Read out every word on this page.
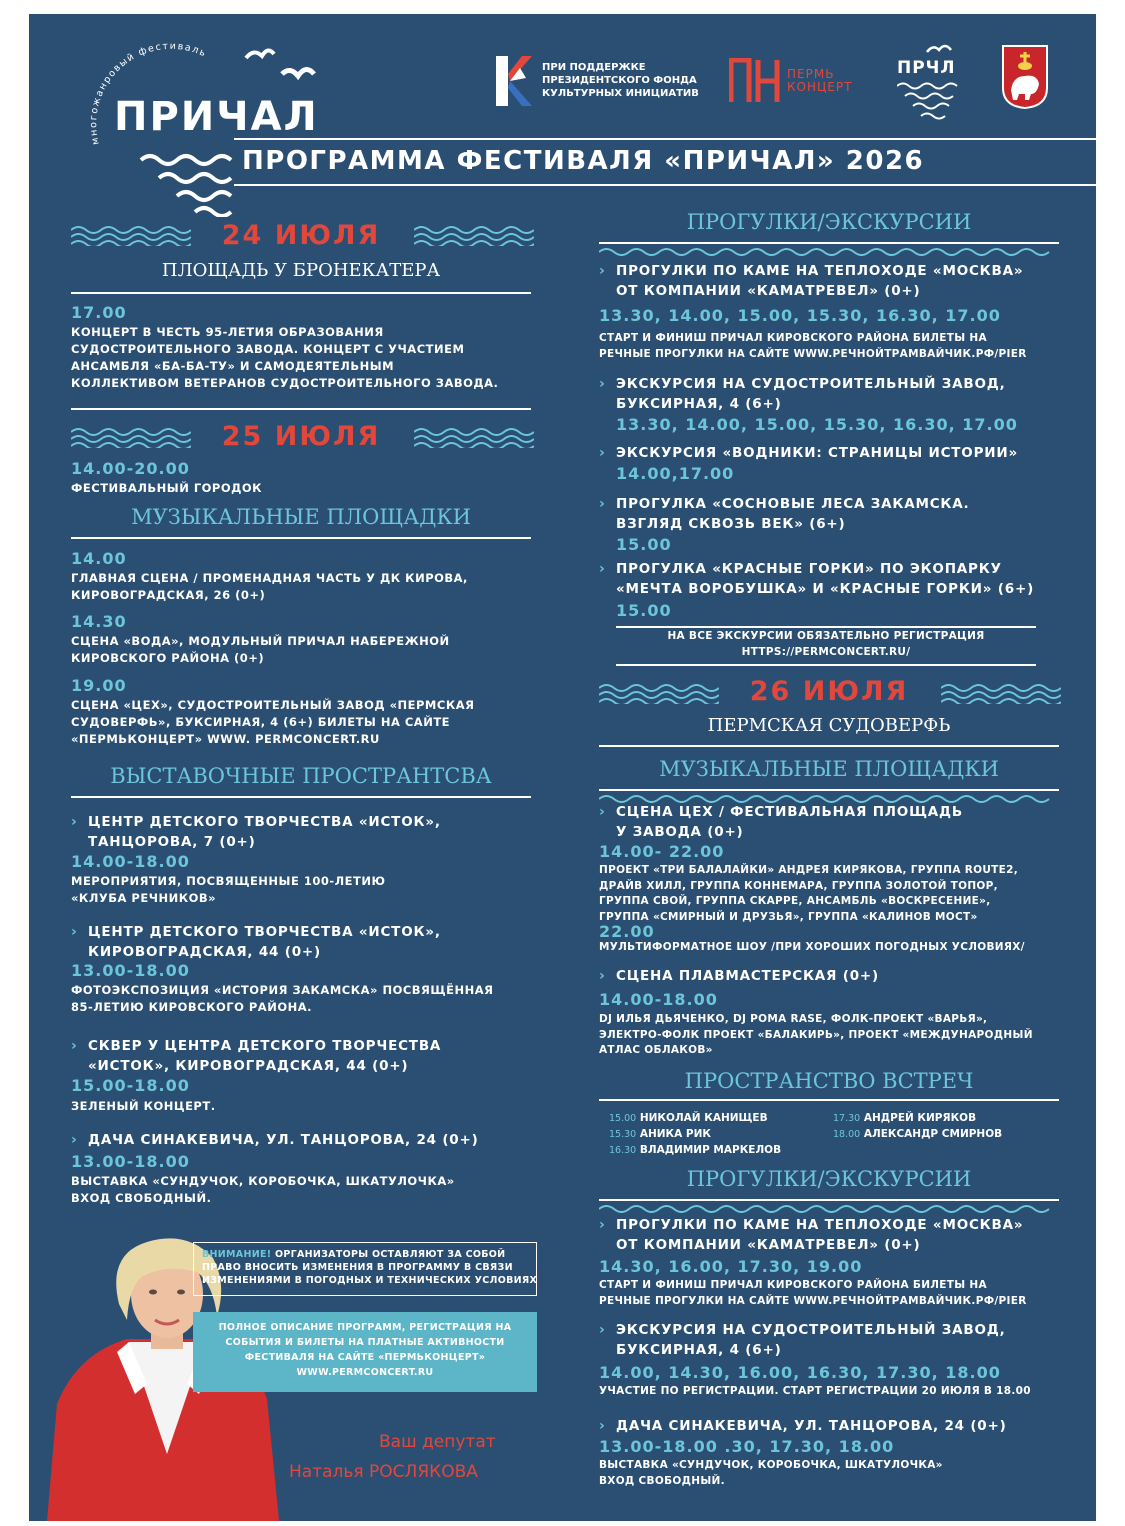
многожанровый фестиваль
ПРИЧАЛ
ПРИ ПОДДЕРЖКЕ
ПРЕЗИДЕНТСКОГО ФОНДА
КУЛЬТУРНЫХ ИНИЦИАТИВ
ПЕРМЬ
КОНЦЕРТ
ПРЧЛ
ПРОГРАММА ФЕСТИВАЛЯ «ПРИЧАЛ» 2026
24 ИЮЛЯ
ПЛОЩАДЬ У БРОНЕКАТЕРА
17.00
КОНЦЕРТ В ЧЕСТЬ 95-ЛЕТИЯ ОБРАЗОВАНИЯ
СУДОСТРОИТЕЛЬНОГО ЗАВОДА. КОНЦЕРТ С УЧАСТИЕМ
АНСАМБЛЯ «БА-БА-ТУ» И САМОДЕЯТЕЛЬНЫМ
КОЛЛЕКТИВОМ ВЕТЕРАНОВ СУДОСТРОИТЕЛЬНОГО ЗАВОДА.
25 ИЮЛЯ
14.00-20.00
ФЕСТИВАЛЬНЫЙ ГОРОДОК
МУЗЫКАЛЬНЫЕ ПЛОЩАДКИ
14.00
ГЛАВНАЯ СЦЕНА / ПРОМЕНАДНАЯ ЧАСТЬ У ДК КИРОВА,
КИРОВОГРАДСКАЯ, 26 (0+)
14.30
СЦЕНА «ВОДА», МОДУЛЬНЫЙ ПРИЧАЛ НАБЕРЕЖНОЙ
КИРОВСКОГО РАЙОНА (0+)
19.00
СЦЕНА «ЦЕХ», СУДОСТРОИТЕЛЬНЫЙ ЗАВОД «ПЕРМСКАЯ
СУДОВЕРФЬ», БУКСИРНАЯ, 4 (6+) БИЛЕТЫ НА САЙТЕ
«ПЕРМЬКОНЦЕРТ» WWW. PERMCONCERT.RU
ВЫСТАВОЧНЫЕ ПРОСТРАНТСВА
› ЦЕНТР ДЕТСКОГО ТВОРЧЕСТВА «ИСТОК»,
ТАНЦОРОВА, 7 (0+)
14.00-18.00
МЕРОПРИЯТИЯ, ПОСВЯЩЕННЫЕ 100-ЛЕТИЮ
«КЛУБА РЕЧНИКОВ»
› ЦЕНТР ДЕТСКОГО ТВОРЧЕСТВА «ИСТОК»,
КИРОВОГРАДСКАЯ, 44 (0+)
13.00-18.00
ФОТОЭКСПОЗИЦИЯ «ИСТОРИЯ ЗАКАМСКА» ПОСВЯЩЁННАЯ
85-ЛЕТИЮ КИРОВСКОГО РАЙОНА.
› СКВЕР У ЦЕНТРА ДЕТСКОГО ТВОРЧЕСТВА
«ИСТОК», КИРОВОГРАДСКАЯ, 44 (0+)
15.00-18.00
ЗЕЛЕНЫЙ КОНЦЕРТ.
› ДАЧА СИНАКЕВИЧА, УЛ. ТАНЦОРОВА, 24 (0+)
13.00-18.00
ВЫСТАВКА «СУНДУЧОК, КОРОБОЧКА, ШКАТУЛОЧКА»
ВХОД СВОБОДНЫЙ.
ВНИМАНИЕ! ОРГАНИЗАТОРЫ ОСТАВЛЯЮТ ЗА СОБОЙ
ПРАВО ВНОСИТЬ ИЗМЕНЕНИЯ В ПРОГРАММУ В СВЯЗИ
ИЗМЕНЕНИЯМИ В ПОГОДНЫХ И ТЕХНИЧЕСКИХ УСЛОВИЯХ
ПОЛНОЕ ОПИСАНИЕ ПРОГРАММ, РЕГИСТРАЦИЯ НА
СОБЫТИЯ И БИЛЕТЫ НА ПЛАТНЫЕ АКТИВНОСТИ
ФЕСТИВАЛЯ НА САЙТЕ «ПЕРМЬКОНЦЕРТ»
WWW.PERMCONCERT.RU
Ваш депутат
Наталья РОСЛЯКОВА
ПРОГУЛКИ/ЭКСКУРСИИ
› ПРОГУЛКИ ПО КАМЕ НА ТЕПЛОХОДЕ «МОСКВА»
ОТ КОМПАНИИ «КАМАТРЕВЕЛ» (0+)
13.30, 14.00, 15.00, 15.30, 16.30, 17.00
СТАРТ И ФИНИШ ПРИЧАЛ КИРОВСКОГО РАЙОНА БИЛЕТЫ НА
РЕЧНЫЕ ПРОГУЛКИ НА САЙТЕ WWW.РЕЧНОЙТРАМВАЙЧИК.РФ/PIER
› ЭКСКУРСИЯ НА СУДОСТРОИТЕЛЬНЫЙ ЗАВОД,
БУКСИРНАЯ, 4 (6+)
13.30, 14.00, 15.00, 15.30, 16.30, 17.00
› ЭКСКУРСИЯ «ВОДНИКИ: СТРАНИЦЫ ИСТОРИИ»
14.00,17.00
› ПРОГУЛКА «СОСНОВЫЕ ЛЕСА ЗАКАМСКА.
ВЗГЛЯД СКВОЗЬ ВЕК» (6+)
15.00
› ПРОГУЛКА «КРАСНЫЕ ГОРКИ» ПО ЭКОПАРКУ
«МЕЧТА ВОРОБУШКА» И «КРАСНЫЕ ГОРКИ» (6+)
15.00
НА ВСЕ ЭКСКУРСИИ ОБЯЗАТЕЛЬНО РЕГИСТРАЦИЯ
HTTPS://PERMCONCERT.RU/
26 ИЮЛЯ
ПЕРМСКАЯ СУДОВЕРФЬ
МУЗЫКАЛЬНЫЕ ПЛОЩАДКИ
› СЦЕНА ЦЕХ / ФЕСТИВАЛЬНАЯ ПЛОЩАДЬ
У ЗАВОДА (0+)
14.00- 22.00
ПРОЕКТ «ТРИ БАЛАЛАЙКИ» АНДРЕЯ КИРЯКОВА, ГРУППА ROUTE2,
ДРАЙВ ХИЛЛ, ГРУППА КОННЕМАРА, ГРУППА ЗОЛОТОЙ ТОПОР,
ГРУППА СВОЙ, ГРУППА СКАРРЕ, АНСАМБЛЬ «ВОСКРЕСЕНИЕ»,
ГРУППА «СМИРНЫЙ И ДРУЗЬЯ», ГРУППА «КАЛИНОВ МОСТ»
22.00
МУЛЬТИФОРМАТНОЕ ШОУ /ПРИ ХОРОШИХ ПОГОДНЫХ УСЛОВИЯХ/
› СЦЕНА ПЛАВМАСТЕРСКАЯ (0+)
14.00-18.00
DJ ИЛЬЯ ДЬЯЧЕНКО, DJ POMA RASE, ФОЛК-ПРОЕКТ «ВАРЬЯ»,
ЭЛЕКТРО-ФОЛК ПРОЕКТ «БАЛАКИРЬ», ПРОЕКТ «МЕЖДУНАРОДНЫЙ
АТЛАС ОБЛАКОВ»
ПРОСТРАНСТВО ВСТРЕЧ
15.00 НИКОЛАЙ КАНИЩЕВ
15.30 АНИКА РИК
16.30 ВЛАДИМИР МАРКЕЛОВ
17.30 АНДРЕЙ КИРЯКОВ
18.00 АЛЕКСАНДР СМИРНОВ
ПРОГУЛКИ/ЭКСКУРСИИ
› ПРОГУЛКИ ПО КАМЕ НА ТЕПЛОХОДЕ «МОСКВА»
ОТ КОМПАНИИ «КАМАТРЕВЕЛ» (0+)
14.30, 16.00, 17.30, 19.00
СТАРТ И ФИНИШ ПРИЧАЛ КИРОВСКОГО РАЙОНА БИЛЕТЫ НА
РЕЧНЫЕ ПРОГУЛКИ НА САЙТЕ WWW.РЕЧНОЙТРАМВАЙЧИК.РФ/PIER
› ЭКСКУРСИЯ НА СУДОСТРОИТЕЛЬНЫЙ ЗАВОД,
БУКСИРНАЯ, 4 (6+)
14.00, 14.30, 16.00, 16.30, 17.30, 18.00
УЧАСТИЕ ПО РЕГИСТРАЦИИ. СТАРТ РЕГИСТРАЦИИ 20 ИЮЛЯ В 18.00
› ДАЧА СИНАКЕВИЧА, УЛ. ТАНЦОРОВА, 24 (0+)
13.00-18.00 .30, 17.30, 18.00
ВЫСТАВКА «СУНДУЧОК, КОРОБОЧКА, ШКАТУЛОЧКА»
ВХОД СВОБОДНЫЙ.
